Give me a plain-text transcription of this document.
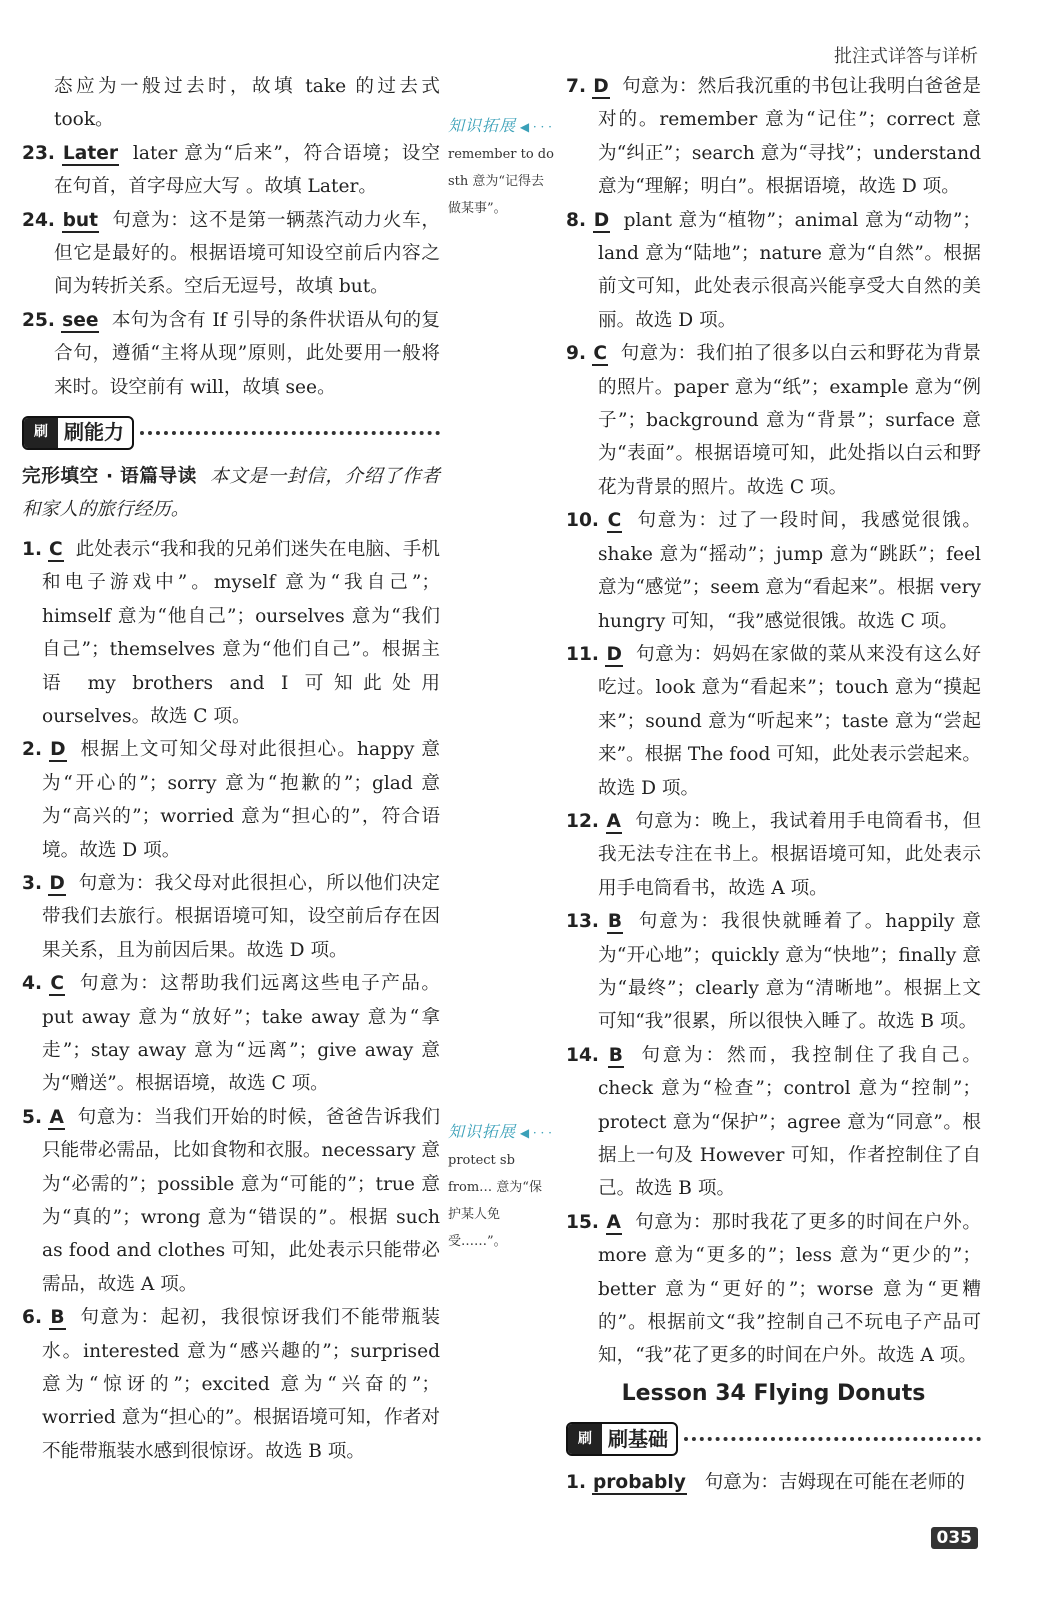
批注式详答与详析

态应为一般过去时，故填 take 的过去式 took。

23. Later later 意为“后来”，符合语境；设空在句首，首字母应大写 。故填 Later。

24. but 句意为：这不是第一辆蒸汽动力火车，但它是最好的。根据语境可知设空前后内容之间为转折关系。空后无逗号，故填 but。

25. see 本句为含有 If 引导的条件状语从句的复合句，遵循“主将从现”原则，此处要用一般将来时。设空前有 will，故填 see。

刷 刷能力

完形填空 · 语篇导读 本文是一封信，介绍了作者和家人的旅行经历。

1. C 此处表示“我和我的兄弟们迷失在电脑、手机和电子游戏中”。myself 意为“我自己”；himself 意为“他自己”；ourselves 意为“我们自己”；themselves 意为“他们自己”。根据主语 my brothers and I 可知此处用 ourselves。故选 C 项。

2. D 根据上文可知父母对此很担心。happy 意为“开心的”；sorry 意为“抱歉的”；glad 意为“高兴的”；worried 意为“担心的”，符合语境。故选 D 项。

3. D 句意为：我父母对此很担心，所以他们决定带我们去旅行。根据语境可知，设空前后存在因果关系，且为前因后果。故选 D 项。

4. C 句意为：这帮助我们远离这些电子产品。put away 意为“放好”；take away 意为“拿走”；stay away 意为“远离”；give away 意为“赠送”。根据语境，故选 C 项。

5. A 句意为：当我们开始的时候，爸爸告诉我们只能带必需品，比如食物和衣服。necessary 意为“必需的”；possible 意为“可能的”；true 意为“真的”；wrong 意为“错误的”。根据 such as food and clothes 可知，此处表示只能带必需品，故选 A 项。

6. B 句意为：起初，我很惊讶我们不能带瓶装水。interested 意为“感兴趣的”；surprised 意为“惊讶的”；excited 意为“兴奋的”；worried 意为“担心的”。根据语境可知，作者对不能带瓶装水感到很惊讶。故选 B 项。

知识拓展 ◀ · · ·
remember to do sth 意为“记得去做某事”。
知识拓展 ◀ · · ·
protect sb from… 意为“保护某人免受……”。

7. D 句意为：然后我沉重的书包让我明白爸爸是对的。remember 意为“记住”；correct 意为“纠正”；search 意为“寻找”；understand 意为“理解；明白”。根据语境，故选 D 项。

8. D plant 意为“植物”；animal 意为“动物”；land 意为“陆地”；nature 意为“自然”。根据前文可知，此处表示很高兴能享受大自然的美丽。故选 D 项。

9. C 句意为：我们拍了很多以白云和野花为背景的照片。paper 意为“纸”；example 意为“例子”；background 意为“背景”；surface 意为“表面”。根据语境可知，此处指以白云和野花为背景的照片。故选 C 项。

10. C 句意为：过了一段时间，我感觉很饿。shake 意为“摇动”；jump 意为“跳跃”；feel 意为“感觉”；seem 意为“看起来”。根据 very hungry 可知，“我”感觉很饿。故选 C 项。

11. D 句意为：妈妈在家做的菜从来没有这么好吃过。look 意为“看起来”；touch 意为“摸起来”；sound 意为“听起来”；taste 意为“尝起来”。根据 The food 可知，此处表示尝起来。故选 D 项。

12. A 句意为：晚上，我试着用手电筒看书，但我无法专注在书上。根据语境可知，此处表示用手电筒看书，故选 A 项。

13. B 句意为：我很快就睡着了。happily 意为“开心地”；quickly 意为“快地”；finally 意为“最终”；clearly 意为“清晰地”。根据上文可知“我”很累，所以很快入睡了。故选 B 项。

14. B 句意为：然而，我控制住了我自己。check 意为“检查”；control 意为“控制”；protect 意为“保护”；agree 意为“同意”。根据上一句及 However 可知，作者控制住了自己。故选 B 项。

15. A 句意为：那时我花了更多的时间在户外。more 意为“更多的”；less 意为“更少的”；better 意为“更好的”；worse 意为“更糟的”。根据前文“我”控制自己不玩电子产品可知，“我”花了更多的时间在户外。故选 A 项。

Lesson 34 Flying Donuts
刷 刷基础

1. probably 句意为：吉姆现在可能在老师的

035
